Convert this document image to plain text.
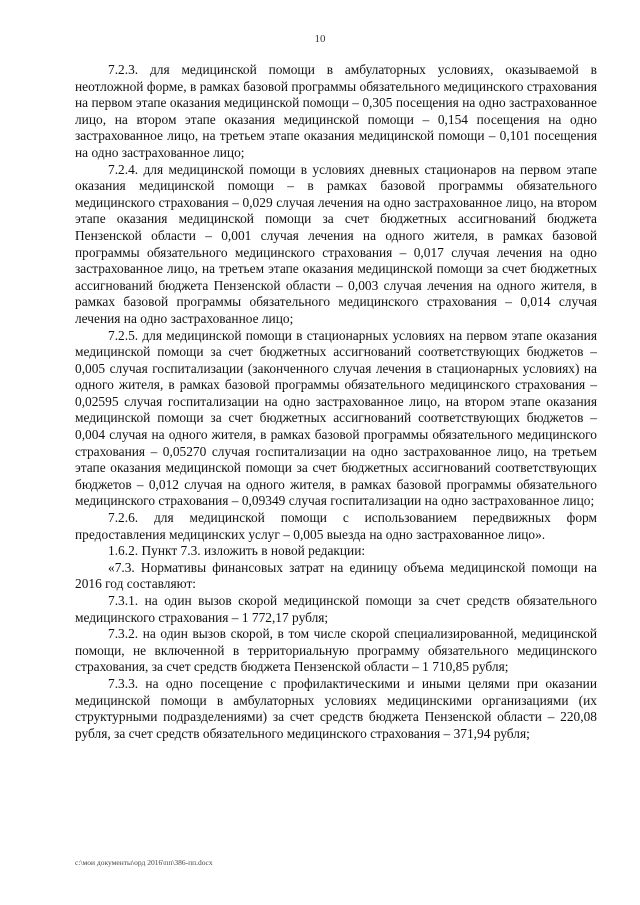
10

7.2.3. для медицинской помощи в амбулаторных условиях, оказываемой в неотложной форме, в рамках базовой программы обязательного медицинского страхования на первом этапе оказания медицинской помощи – 0,305 посещения на одно застрахованное лицо, на втором этапе оказания медицинской помощи – 0,154 посещения на одно застрахованное лицо, на третьем этапе оказания медицинской помощи – 0,101 посещения на одно застрахованное лицо;

7.2.4. для медицинской помощи в условиях дневных стационаров на первом этапе оказания медицинской помощи – в рамках базовой программы обязательного медицинского страхования – 0,029 случая лечения на одно застрахованное лицо, на втором этапе оказания медицинской помощи за счет бюджетных ассигнований бюджета Пензенской области – 0,001 случая лечения на одного жителя, в рамках базовой программы обязательного медицинского страхования – 0,017 случая лечения на одно застрахованное лицо, на третьем этапе оказания медицинской помощи за счет бюджетных ассигнований бюджета Пензенской области – 0,003 случая лечения на одного жителя, в рамках базовой программы обязательного медицинского страхования – 0,014 случая лечения на одно застрахованное лицо;

7.2.5. для медицинской помощи в стационарных условиях на первом этапе оказания медицинской помощи за счет бюджетных ассигнований соответствующих бюджетов – 0,005 случая госпитализации (законченного случая лечения в стационарных условиях) на одного жителя, в рамках базовой программы обязательного медицинского страхования – 0,02595 случая госпитализации на одно застрахованное лицо, на втором этапе оказания медицинской помощи за счет бюджетных ассигнований соответствующих бюджетов – 0,004 случая на одного жителя, в рамках базовой программы обязательного медицинского страхования – 0,05270 случая госпитализации на одно застрахованное лицо, на третьем этапе оказания медицинской помощи за счет бюджетных ассигнований соответствующих бюджетов – 0,012 случая на одного жителя, в рамках базовой программы обязательного медицинского страхования – 0,09349 случая госпитализации на одно застрахованное лицо;

7.2.6. для медицинской помощи с использованием передвижных форм предоставления медицинских услуг – 0,005 выезда на одно застрахованное лицо».

1.6.2. Пункт 7.3. изложить в новой редакции:

«7.3. Нормативы финансовых затрат на единицу объема медицинской помощи на 2016 год составляют:

7.3.1. на один вызов скорой медицинской помощи за счет средств обязательного медицинского страхования – 1 772,17 рубля;

7.3.2. на один вызов скорой, в том числе скорой специализированной, медицинской помощи, не включенной в территориальную программу обязательного медицинского страхования, за счет средств бюджета Пензенской области – 1 710,85 рубля;

7.3.3. на одно посещение с профилактическими и иными целями при оказании медицинской помощи в амбулаторных условиях медицинскими организациями (их структурными подразделениями) за счет средств бюджета Пензенской области – 220,08 рубля, за счет средств обязательного медицинского страхования – 371,94 рубля;

c:\мои документы\орд 2016\пп\386-пп.docx
